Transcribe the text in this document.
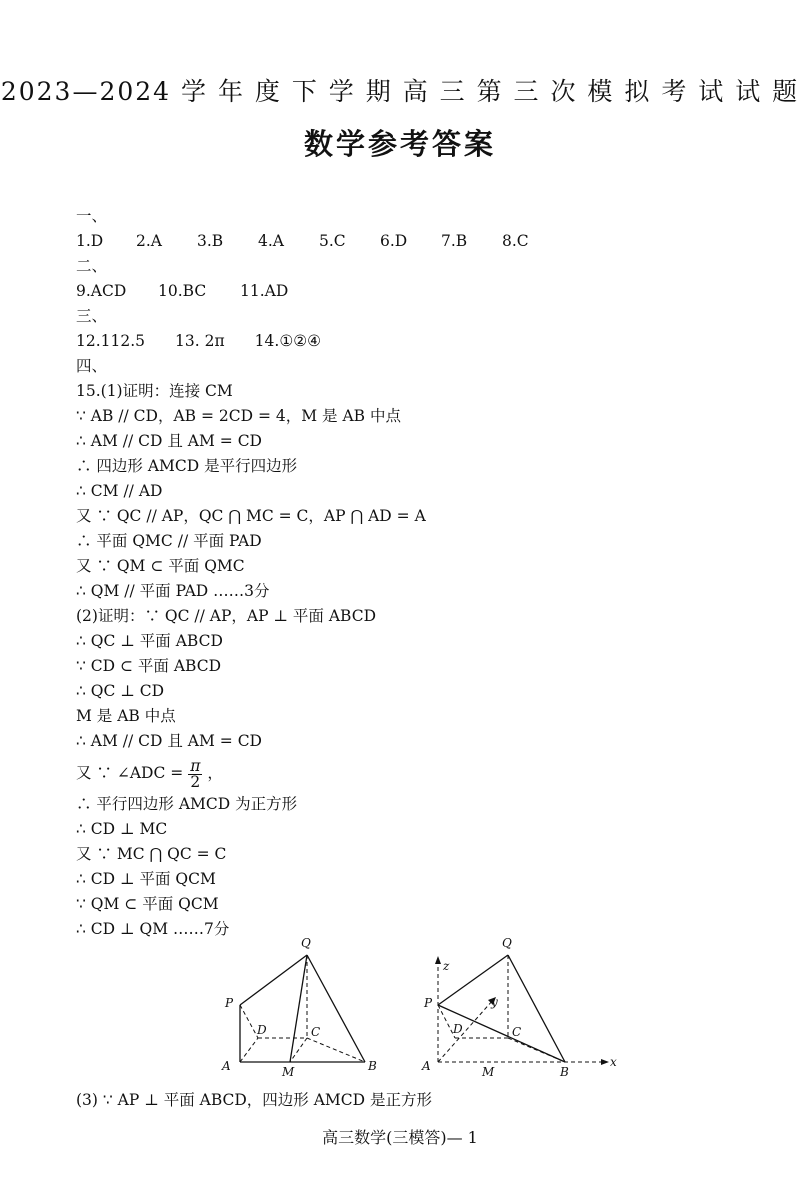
2023—2024 学 年 度 下 学 期 高 三 第 三 次 模 拟 考 试 试 题
数学参考答案
一、
1.D	2.A	3.B	4.A	5.C	6.D	7.B	8.C
二、
9.ACD	10.BC	11.AD
三、
12.112.5 13. 2π 14.①②④
四、
15.(1)证明：连接 CM
∵ AB // CD，AB = 2CD = 4，M 是 AB 中点
∴ AM // CD 且 AM = CD
∴ 四边形 AMCD 是平行四边形
∴ CM // AD
又 ∵ QC // AP，QC ⋂ MC = C，AP ⋂ AD = A
∴ 平面 QMC // 平面 PAD
又 ∵ QM ⊂ 平面 QMC
∴ QM // 平面 PAD ……3分
(2)证明：∵ QC // AP，AP ⊥ 平面 ABCD
∴ QC ⊥ 平面 ABCD
∵ CD ⊂ 平面 ABCD
∴ QC ⊥ CD
M 是 AB 中点
∴ AM // CD 且 AM = CD
又 ∵ ∠ADC = $\frac{\pi}{2}$ ，
∴ 平行四边形 AMCD 为正方形
∴ CD ⊥ MC
又 ∵ MC ⋂ QC = C
∴ CD ⊥ 平面 QCM
∵ QM ⊂ 平面 QCM
∴ CD ⊥ QM ……7分
Q
P
D	C
A	M	B
Q
z
P	y
D	C
A	M	B
x
(3) ∵ AP ⊥ 平面 ABCD，四边形 AMCD 是正方形
高三数学(三模答)— 1
